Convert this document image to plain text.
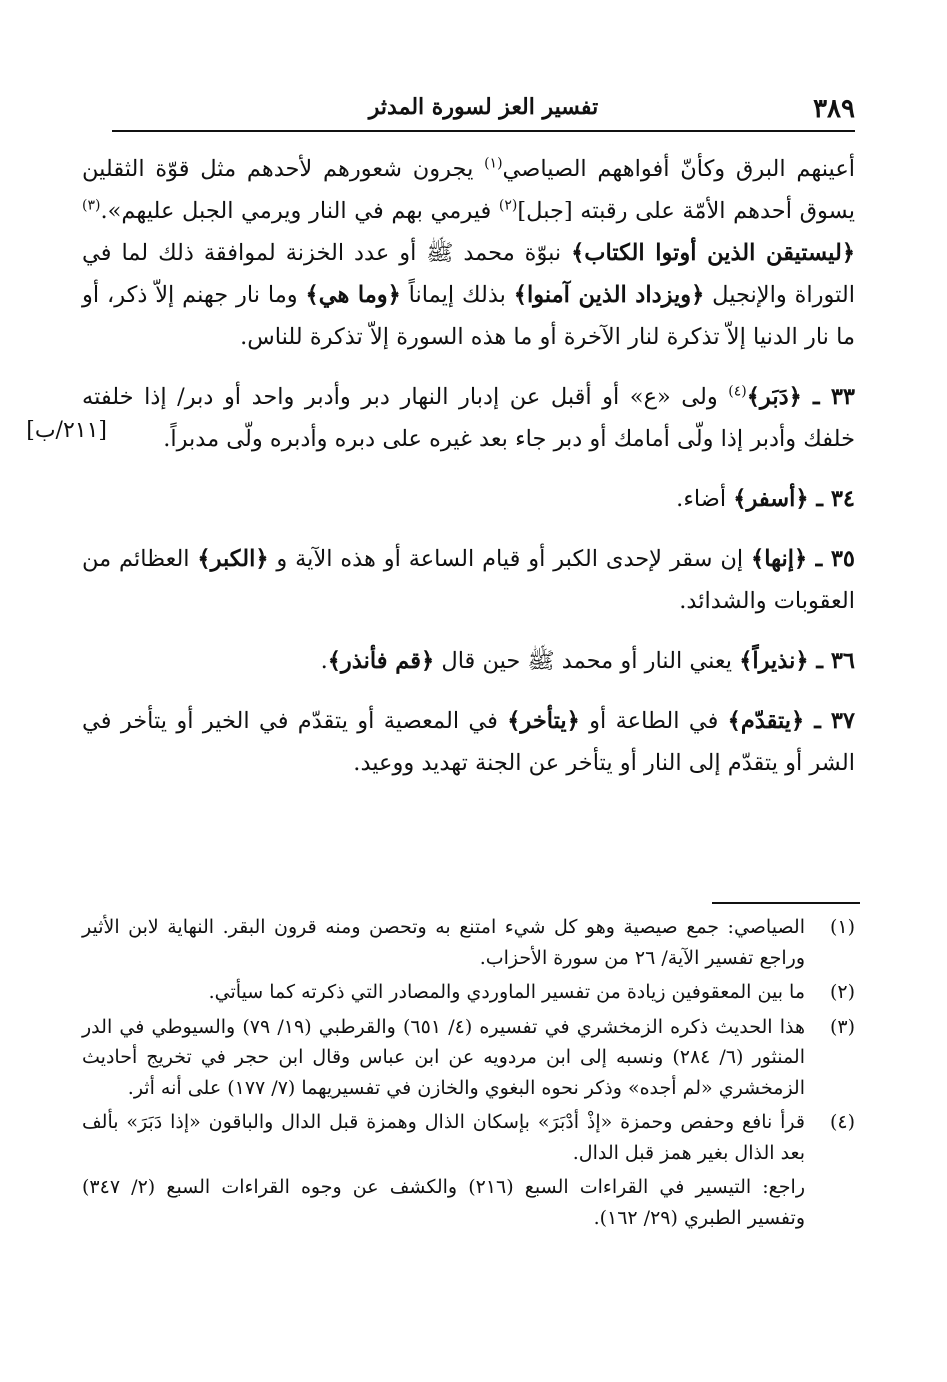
٣٨٩
تفسير العز لسورة المدثر
[٢١١/ب]

أعينهم البرق وكأنّ أفواههم الصياصي$^{(١)}$ يجرون شعورهم لأحدهم مثل قوّة الثقلين يسوق أحدهم الأمّة على رقبته [جبل]$^{(٢)}$ فيرمي بهم في النار ويرمي الجبل عليهم».$^{(٣)}$ ﴿ليستيقن الذين أوتوا الكتاب﴾ نبوّة محمد ﷺ أو عدد الخزنة لموافقة ذلك لما في التوراة والإنجيل ﴿ويزداد الذين آمنوا﴾ بذلك إيماناً ﴿وما هي﴾ وما نار جهنم إلاّ ذكر، أو ما نار الدنيا إلاّ تذكرة لنار الآخرة أو ما هذه السورة إلاّ تذكرة للناس.

٣٣ ـ ﴿دَبَر﴾$^{(٤)}$ ولى «ع» أو أقبل عن إدبار النهار دبر وأدبر واحد أو دبر/ إذا خلفته خلفك وأدبر إذا ولّى أمامك أو دبر جاء بعد غيره على دبره وأدبره ولّى مدبراً.

٣٤ ـ ﴿أسفر﴾ أضاء.

٣٥ ـ ﴿إنها﴾ إن سقر لإحدى الكبر أو قيام الساعة أو هذه الآية و ﴿الكبر﴾ العظائم من العقوبات والشدائد.

٣٦ ـ ﴿نذيراً﴾ يعني النار أو محمد ﷺ حين قال ﴿قم فأنذر﴾.

٣٧ ـ ﴿يتقدّم﴾ في الطاعة أو ﴿يتأخر﴾ في المعصية أو يتقدّم في الخير أو يتأخر في الشر أو يتقدّم إلى النار أو يتأخر عن الجنة تهديد ووعيد.

(١)
الصياصي: جمع صيصية وهو كل شيء امتنع به وتحصن ومنه قرون البقر. النهاية لابن الأثير وراجع تفسير الآية/ ٢٦ من سورة الأحزاب.
(٢)
ما بين المعقوفين زيادة من تفسير الماوردي والمصادر التي ذكرته كما سيأتي.
(٣)
هذا الحديث ذكره الزمخشري في تفسيره (٤/ ٦٥١) والقرطبي (١٩/ ٧٩) والسيوطي في الدر المنثور (٦/ ٢٨٤) ونسبه إلى ابن مردويه عن ابن عباس وقال ابن حجر في تخريج أحاديث الزمخشري «لم أجده» وذكر نحوه البغوي والخازن في تفسيريهما (٧/ ١٧٧) على أنه أثر.
(٤)
قرأ نافع وحفص وحمزة «إذْ أدْبَرَ» بإسكان الذال وهمزة قبل الدال والباقون «إذا دَبَرَ» بألف بعد الذال بغير همز قبل الدال.
راجع: التيسير في القراءات السبع (٢١٦) والكشف عن وجوه القراءات السبع (٢/ ٣٤٧) وتفسير الطبري (٢٩/ ١٦٢).
